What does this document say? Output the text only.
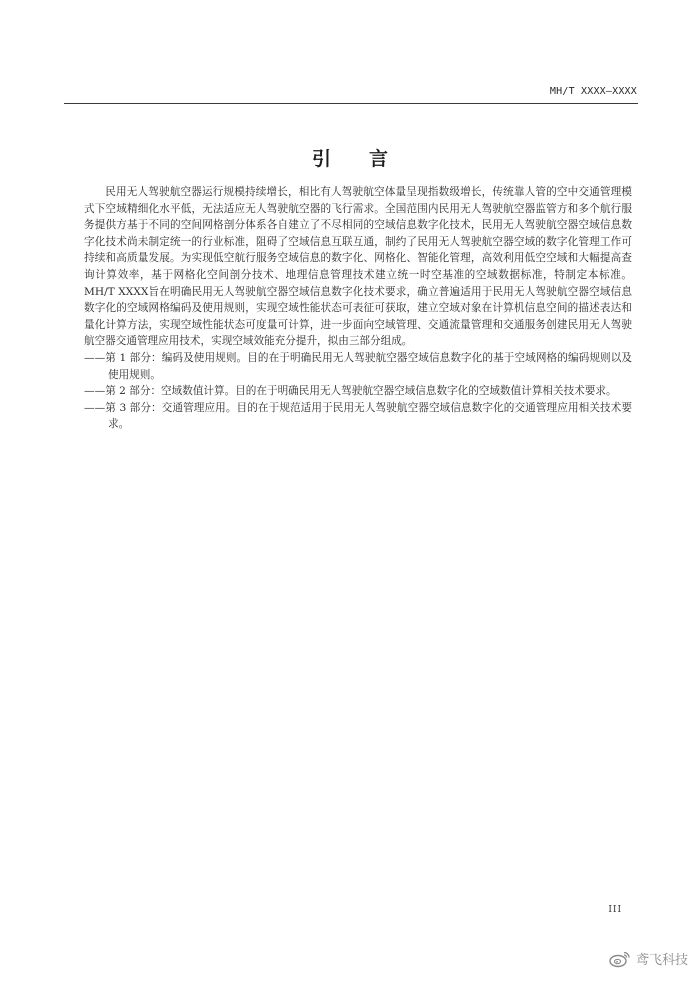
MH/T XXXX—XXXX
引言

民用无人驾驶航空器运行规模持续增长，相比有人驾驶航空体量呈现指数级增长，传统靠人管的空中交通管理模式下空域精细化水平低，无法适应无人驾驶航空器的飞行需求。全国范围内民用无人驾驶航空器监管方和多个航行服务提供方基于不同的空间网格剖分体系各自建立了不尽相同的空域信息数字化技术，民用无人驾驶航空器空域信息数字化技术尚未制定统一的行业标准，阻碍了空域信息互联互通，制约了民用无人驾驶航空器空域的数字化管理工作可持续和高质量发展。为实现低空航行服务空域信息的数字化、网格化、智能化管理，高效利用低空空域和大幅提高查询计算效率，基于网格化空间剖分技术、地理信息管理技术建立统一时空基准的空域数据标准，特制定本标准。MH/T XXXX旨在明确民用无人驾驶航空器空域信息数字化技术要求，确立普遍适用于民用无人驾驶航空器空域信息数字化的空域网格编码及使用规则，实现空域性能状态可表征可获取，建立空域对象在计算机信息空间的描述表达和量化计算方法，实现空域性能状态可度量可计算，进一步面向空域管理、交通流量管理和交通服务创建民用无人驾驶航空器交通管理应用技术，实现空域效能充分提升，拟由三部分组成。

——第 1 部分：编码及使用规则。目的在于明确民用无人驾驶航空器空域信息数字化的基于空域网格的编码规则以及使用规则。

——第 2 部分：空域数值计算。目的在于明确民用无人驾驶航空器空域信息数字化的空域数值计算相关技术要求。

——第 3 部分：交通管理应用。目的在于规范适用于民用无人驾驶航空器空域信息数字化的交通管理应用相关技术要求。

III
鸢飞科技
